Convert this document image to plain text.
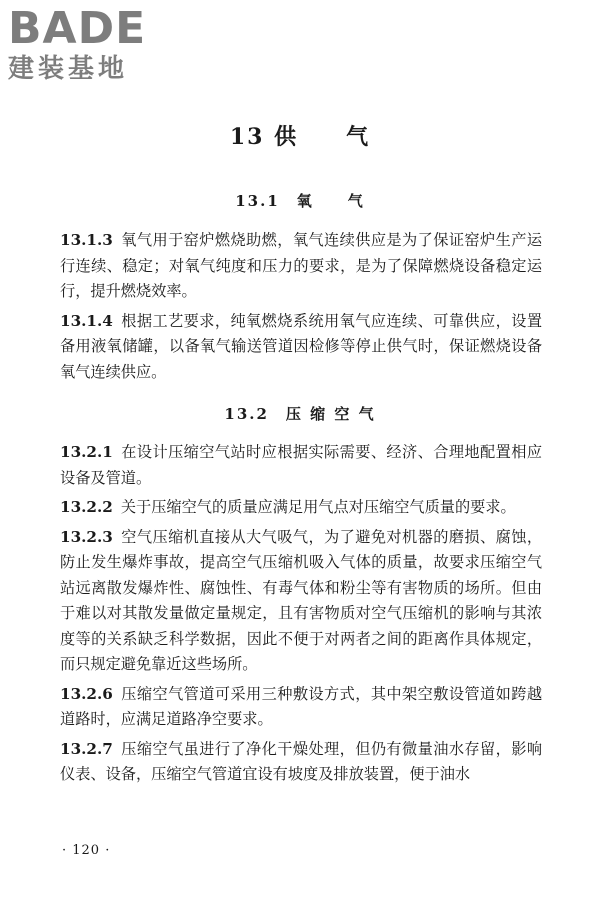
BADE
建装基地
13 供　　气
13.1　氧　　气

13.1.3 氧气用于窑炉燃烧助燃，氧气连续供应是为了保证窑炉生产运行连续、稳定；对氧气纯度和压力的要求，是为了保障燃烧设备稳定运行，提升燃烧效率。

13.1.4 根据工艺要求，纯氧燃烧系统用氧气应连续、可靠供应，设置备用液氧储罐，以备氧气输送管道因检修等停止供气时，保证燃烧设备氧气连续供应。

13.2　压 缩 空 气

13.2.1 在设计压缩空气站时应根据实际需要、经济、合理地配置相应设备及管道。

13.2.2 关于压缩空气的质量应满足用气点对压缩空气质量的要求。

13.2.3 空气压缩机直接从大气吸气，为了避免对机器的磨损、腐蚀，防止发生爆炸事故，提高空气压缩机吸入气体的质量，故要求压缩空气站远离散发爆炸性、腐蚀性、有毒气体和粉尘等有害物质的场所。但由于难以对其散发量做定量规定，且有害物质对空气压缩机的影响与其浓度等的关系缺乏科学数据，因此不便于对两者之间的距离作具体规定，而只规定避免靠近这些场所。

13.2.6 压缩空气管道可采用三种敷设方式，其中架空敷设管道如跨越道路时，应满足道路净空要求。

13.2.7 压缩空气虽进行了净化干燥处理，但仍有微量油水存留，影响仪表、设备，压缩空气管道宜设有坡度及排放装置，便于油水

· 120 ·
